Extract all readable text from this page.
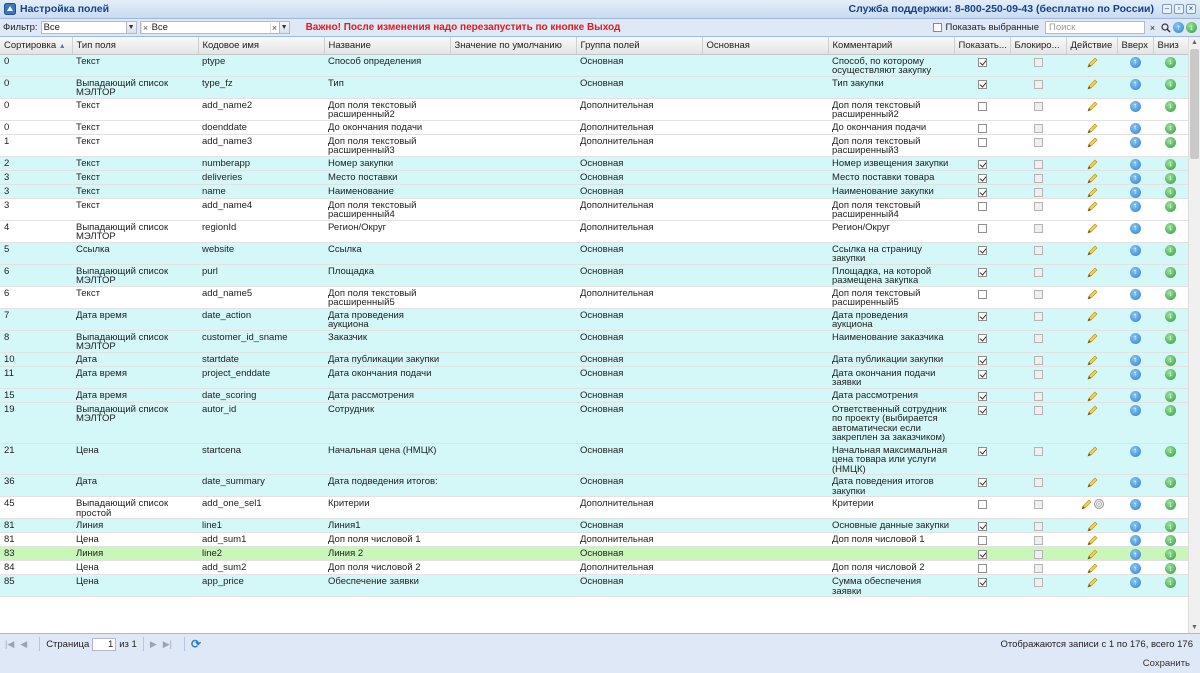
Настройка полей	Служба поддержки: 8-800-250-09-43 (бесплатно по России)	–	▫	×
Фильтр: Все	▼ × Все	× ▼ Важно! После изменения надо перезапустить по кнопке Выход	Показать выбранные	Поиск	×	↑	↓
Сортировка ▲	Тип поля	Кодовое имя	Название	Значение по умолчанию	Группа полей	Основная	Комментарий	Показать...	Блокиро...	Действие	Вверх	Вниз
0	Текст	ptype	Способ определения		Основная		Способ, по которому осуществляют закупку				↑	↓
0	Выпадающий список МЭЛТОР	type_fz	Тип		Основная		Тип закупки				↑	↓
0	Текст	add_name2	Доп поля текстовый расширенный2		Дополнительная		Доп поля текстовый расширенный2				↑	↓
0	Текст	doenddate	До окончания подачи		Дополнительная		До окончания подачи				↑	↓
1	Текст	add_name3	Доп поля текстовый расширенный3		Дополнительная		Доп поля текстовый расширенный3				↑	↓
2	Текст	numberapp	Номер закупки		Основная		Номер извещения закупки				↑	↓
3	Текст	deliveries	Место поставки		Основная		Место поставки товара				↑	↓
3	Текст	name	Наименование		Основная		Наименование закупки				↑	↓
3	Текст	add_name4	Доп поля текстовый расширенный4		Дополнительная		Доп поля текстовый расширенный4				↑	↓
4	Выпадающий список МЭЛТОР	regionId	Регион/Округ		Дополнительная		Регион/Округ				↑	↓
5	Ссылка	website	Ссылка		Основная		Ссылка на страницу закупки				↑	↓
6	Выпадающий список МЭЛТОР	purl	Площадка		Основная		Площадка, на которой размещена закупка				↑	↓
6	Текст	add_name5	Доп поля текстовый расширенный5		Дополнительная		Доп поля текстовый расширенный5				↑	↓
7	Дата время	date_action	Дата проведения аукциона		Основная		Дата проведения аукциона				↑	↓
8	Выпадающий список МЭЛТОР	customer_id_sname	Заказчик		Основная		Наименование заказчика				↑	↓
10	Дата	startdate	Дата публикации закупки		Основная		Дата публикации закупки				↑	↓
11	Дата время	project_enddate	Дата окончания подачи		Основная		Дата окончания подачи заявки				↑	↓
15	Дата время	date_scoring	Дата рассмотрения		Основная		Дата рассмотрения				↑	↓
19	Выпадающий список МЭЛТОР	autor_id	Сотрудник		Основная		Ответственный сотрудник по проекту (выбирается автоматически если закреплен за заказчиком)				↑	↓
21	Цена	startcena	Начальная цена (НМЦК)		Основная		Начальная максимальная цена товара или услуги (НМЦК)				↑	↓
36	Дата	date_summary	Дата подведения итогов:		Основная		Дата поведения итогов закупки				↑	↓
45	Выпадающий список простой	add_one_sel1	Критерии		Дополнительная		Критерии				↑	↓
81	Линия	line1	Линия1		Основная		Основные данные закупки				↑	↓
81	Цена	add_sum1	Доп поля числовой 1		Дополнительная		Доп поля числовой 1				↑	↓
83	Линия	line2	Линия 2		Основная						↑	↓
84	Цена	add_sum2	Доп поля числовой 2		Дополнительная		Доп поля числовой 2				↑	↓
85	Цена	app_price	Обеспечение заявки		Основная		Сумма обеспечения заявки				↑	↓
▲
▼
|◀ ◀ Страница	1 из 1 ▶ ▶| ⟳	Отображаются записи с 1 по 176, всего 176
Сохранить
